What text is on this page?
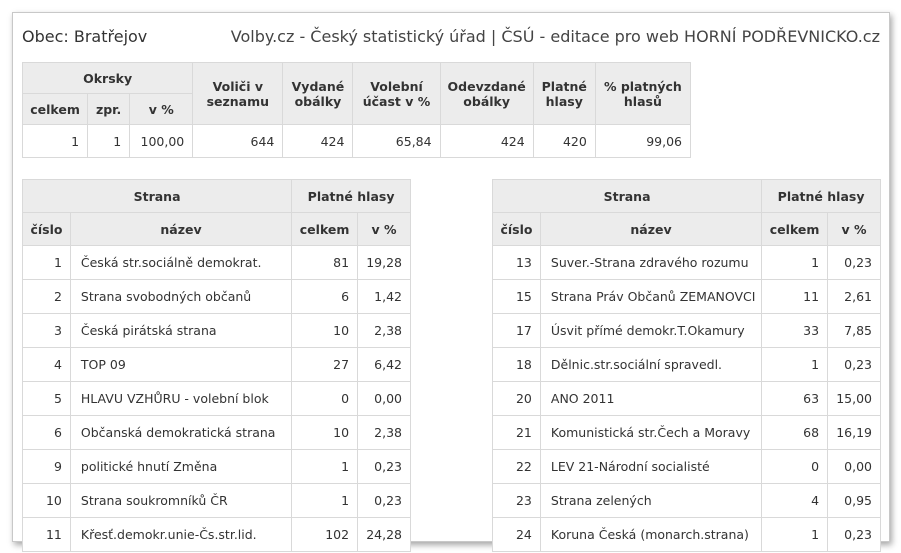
Obec: Bratřejov	Volby.cz - Český statistický úřad | ČSÚ - editace pro web HORNÍ PODŘEVNICKO.cz
Okrsky			Voliči v seznamu	Vydané obálky	Volební účast v %	Odevzdané obálky	Platné hlasy	% platných hlasů
celkem	zpr.	v %						
1	1	100,00	644	424	65,84	424	420	99,06
Strana		Platné hlasy	
číslo	název	celkem	v %
1	Česká str.sociálně demokrat.	81	19,28
2	Strana svobodných občanů	6	1,42
3	Česká pirátská strana	10	2,38
4	TOP 09	27	6,42
5	HLAVU VZHŮRU - volební blok	0	0,00
6	Občanská demokratická strana	10	2,38
9	politické hnutí Změna	1	0,23
10	Strana soukromníků ČR	1	0,23
11	Křesť.demokr.unie-Čs.str.lid.	102	24,28
Strana		Platné hlasy	
číslo	název	celkem	v %
13	Suver.-Strana zdravého rozumu	1	0,23
15	Strana Práv Občanů ZEMANOVCI	11	2,61
17	Úsvit přímé demokr.T.Okamury	33	7,85
18	Dělnic.str.sociální spravedl.	1	0,23
20	ANO 2011	63	15,00
21	Komunistická str.Čech a Moravy	68	16,19
22	LEV 21-Národní socialisté	0	0,00
23	Strana zelených	4	0,95
24	Koruna Česká (monarch.strana)	1	0,23
